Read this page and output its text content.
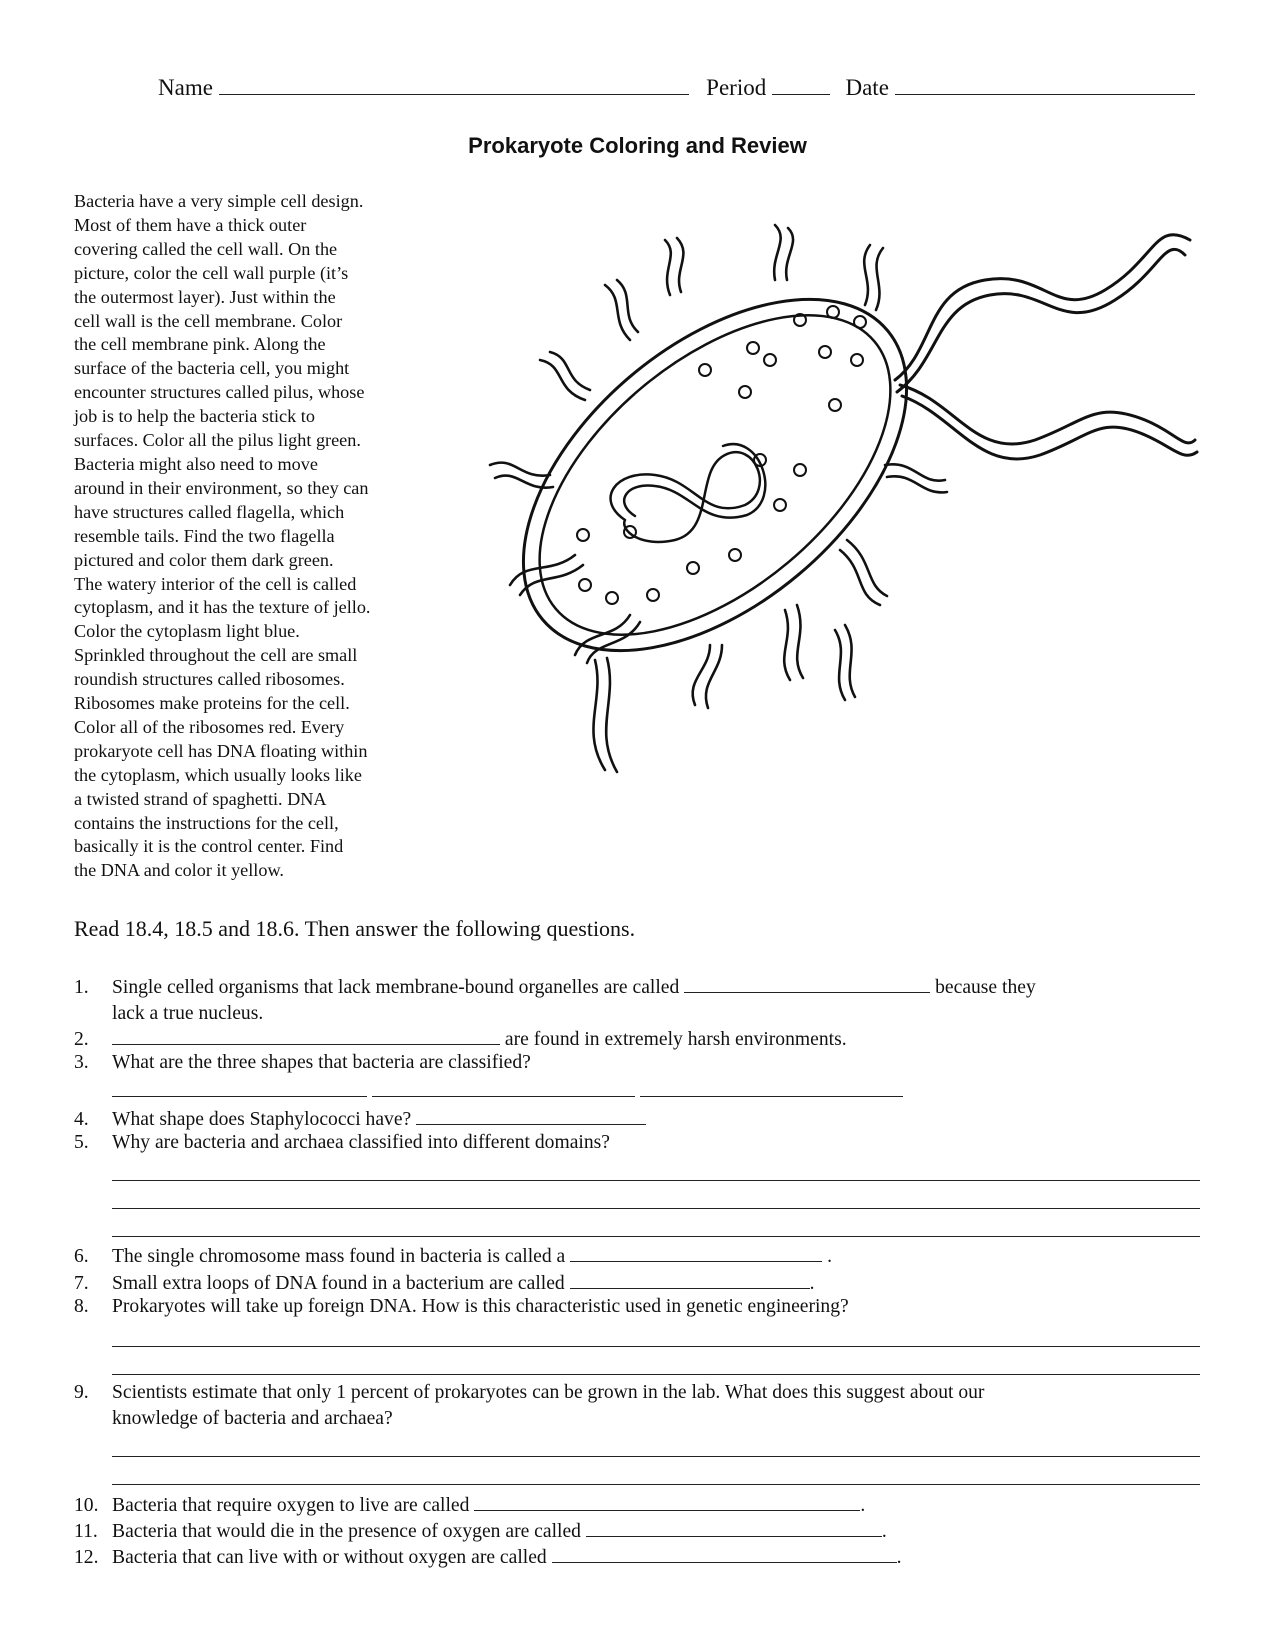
Name	Period	Date
Prokaryote Coloring and Review
Bacteria have a very simple cell design.
Most of them have a thick outer
covering called the cell wall. On the
picture, color the cell wall purple (it’s
the outermost layer). Just within the
cell wall is the cell membrane. Color
the cell membrane pink. Along the
surface of the bacteria cell, you might
encounter structures called pilus, whose
job is to help the bacteria stick to
surfaces. Color all the pilus light green.
Bacteria might also need to move
around in their environment, so they can
have structures called flagella, which
resemble tails. Find the two flagella
pictured and color them dark green.
The watery interior of the cell is called
cytoplasm, and it has the texture of jello.
Color the cytoplasm light blue.
Sprinkled throughout the cell are small
roundish structures called ribosomes.
Ribosomes make proteins for the cell.
Color all of the ribosomes red. Every
prokaryote cell has DNA floating within
the cytoplasm, which usually looks like
a twisted strand of spaghetti. DNA
contains the instructions for the cell,
basically it is the control center. Find
the DNA and color it yellow.
Read 18.4, 18.5 and 18.6. Then answer the following questions.
1. Single celled organisms that lack membrane-bound organelles are called	because they
lack a true nucleus.
2.	are found in extremely harsh environments.
3. What are the three shapes that bacteria are classified?

4. What shape does Staphylococci have?
5. Why are bacteria and archaea classified into different domains?
6. The single chromosome mass found in bacteria is called a	.
7. Small extra loops of DNA found in a bacterium are called	.
8. Prokaryotes will take up foreign DNA. How is this characteristic used in genetic engineering?
9. Scientists estimate that only 1 percent of prokaryotes can be grown in the lab. What does this suggest about our
knowledge of bacteria and archaea?
10. Bacteria that require oxygen to live are called	.
11. Bacteria that would die in the presence of oxygen are called	.
12. Bacteria that can live with or without oxygen are called	.
